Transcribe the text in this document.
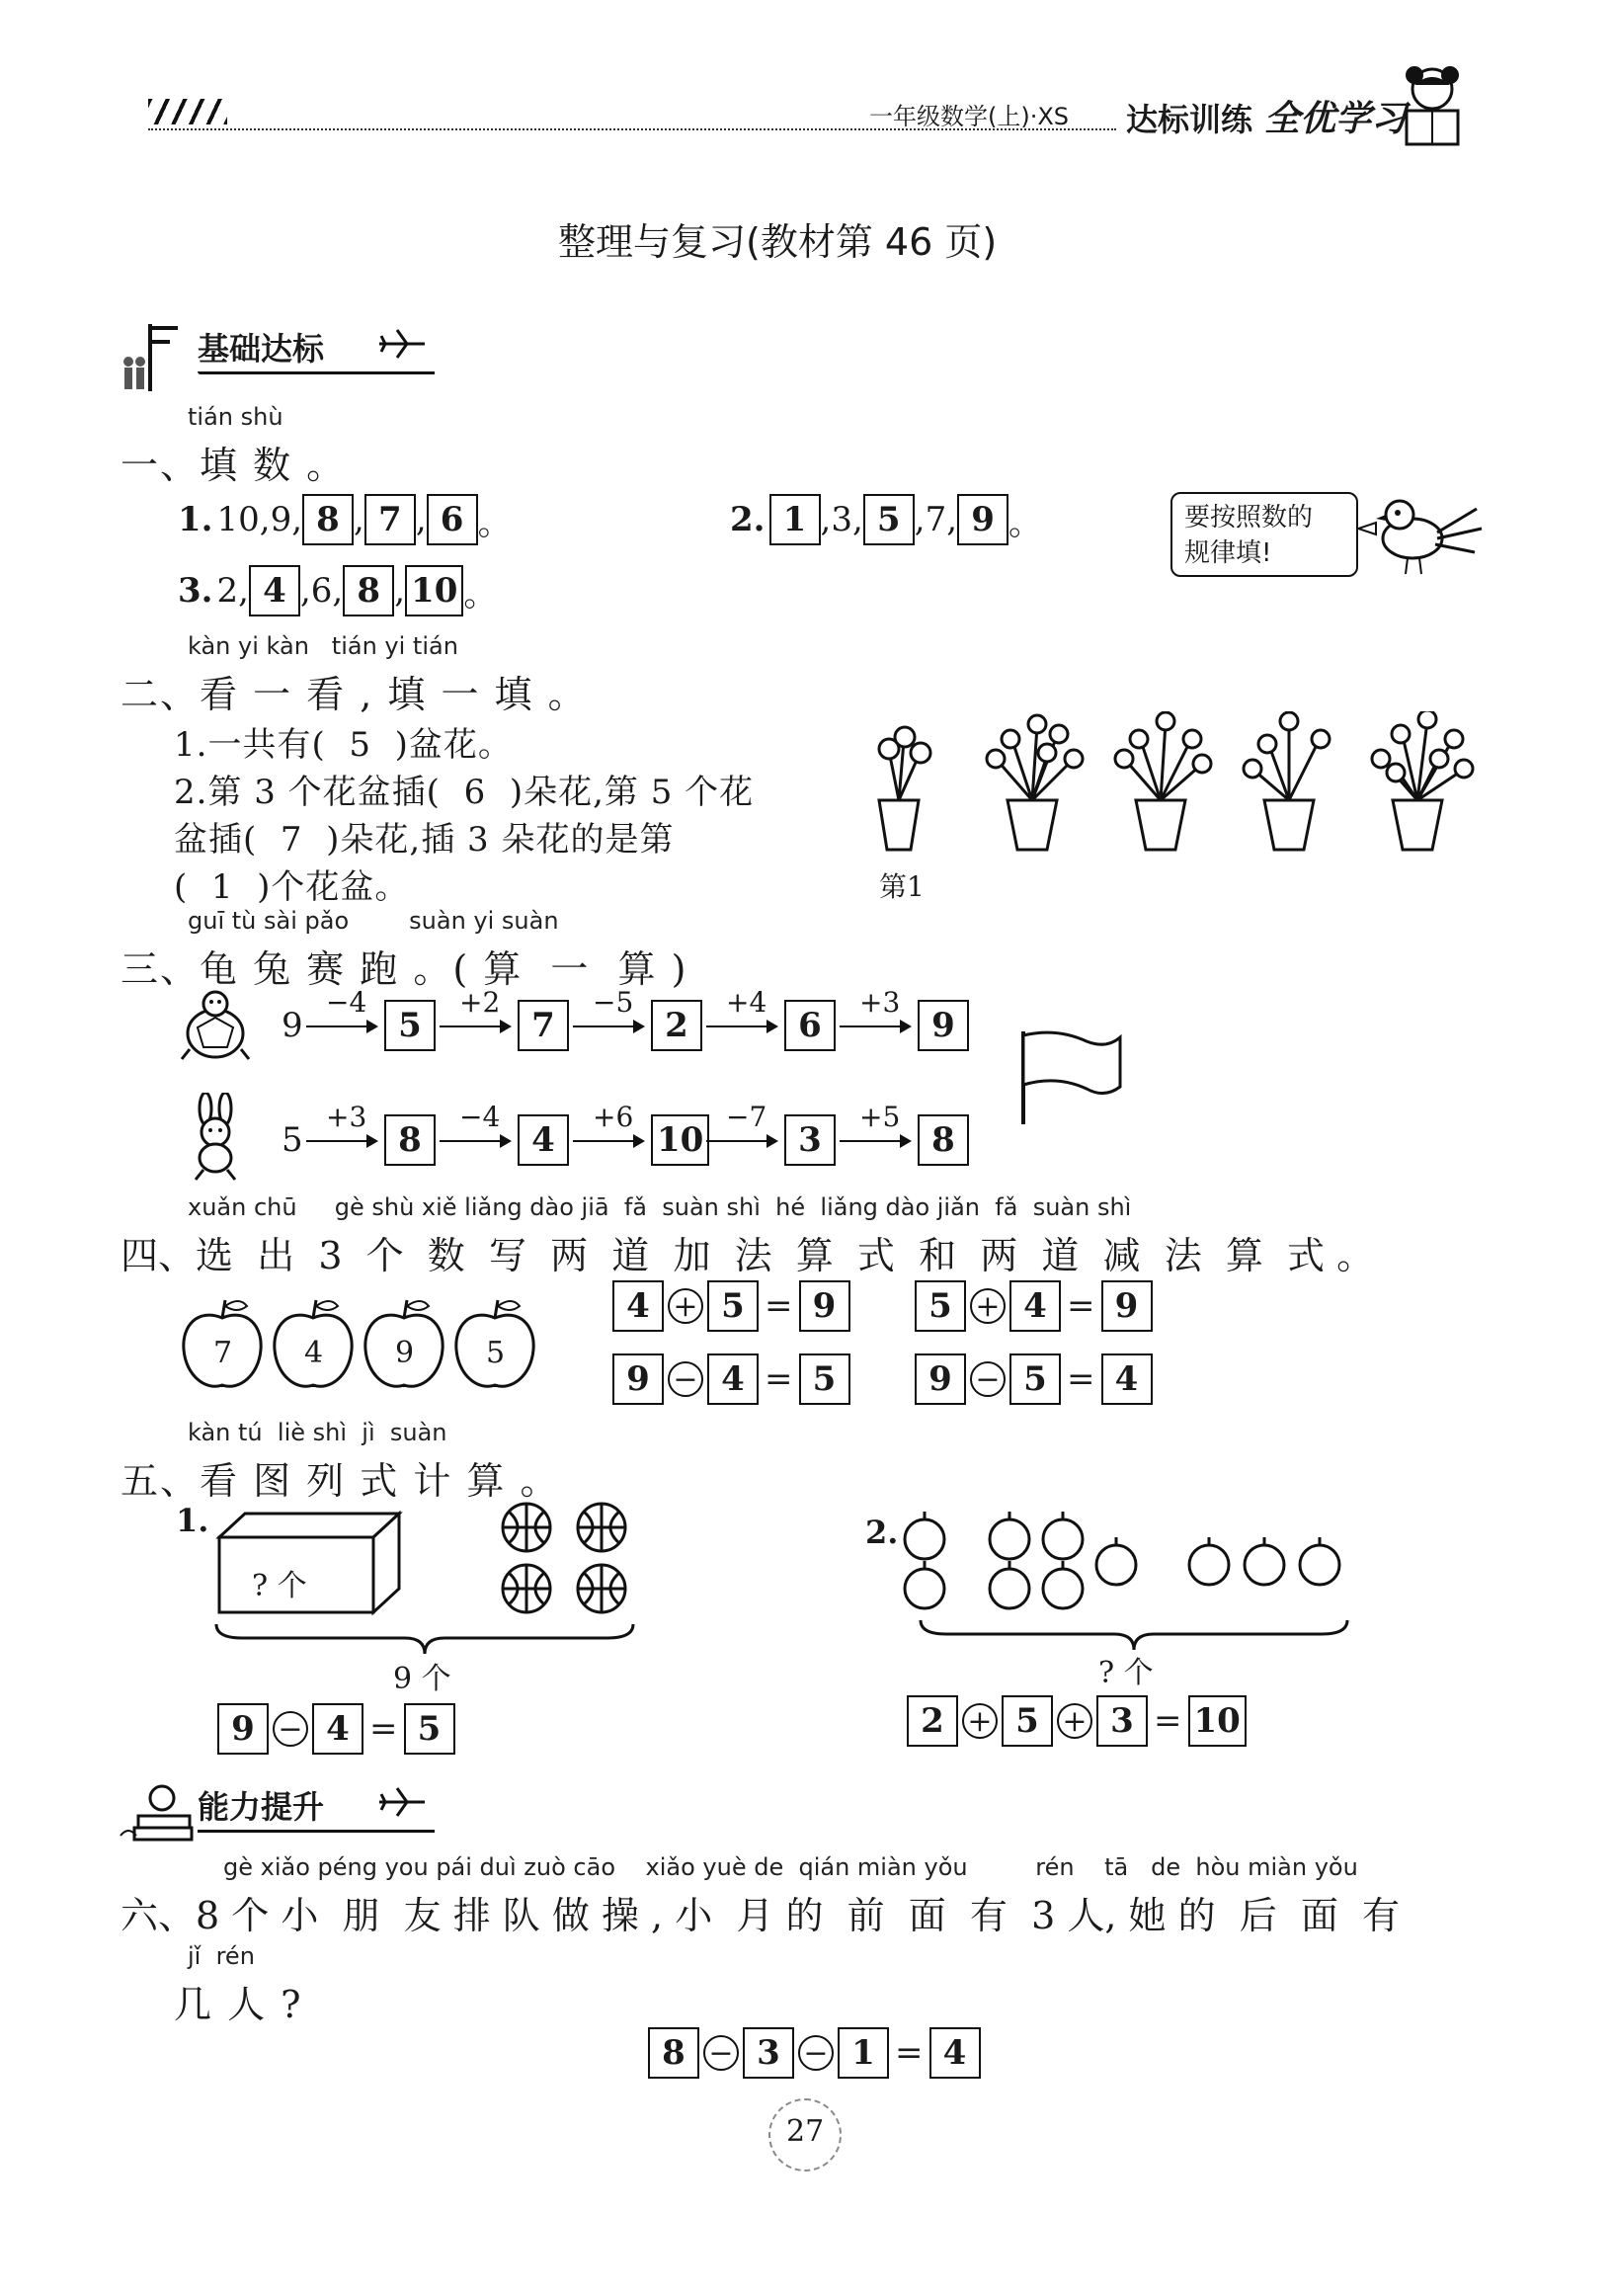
一年级数学(上)·XS 达标训练 全优学习
整理与复习(教材第 46 页)
基础达标
tián shù
一、填 数 。
1. 10,9, 8 , 7 , 6 。	2. 1 , 3 , 5 , 7 , 9 。
3. 2 , 4 , 6 , 8 , 10 。
要按照数的
规律填!
kàn yi kàn   tián yi tián
二、看 一 看 , 填 一 填 。
1.一共有(  5  )盆花。
2.第 3 个花盆插(  6  )朵花,第 5 个花
盆插(  7  )朵花,插 3 朵花的是第
(  1  )个花盆。	第1
guī tù sài pǎo        suàn yi suàn
三、龟 兔 赛 跑 。( 算  一  算 )
9
−4
5
+2
7
−5
2
+4
6
+3
9
5
+3
8
−4
4
+6
10
−7
3
+5
8
xuǎn chū     gè shù xiě liǎng dào jiā  fǎ  suàn shì  hé  liǎng dào jiǎn  fǎ  suàn shì
四、选  出  3  个  数  写  两  道  加  法  算  式  和  两  道  减  法  算  式 。
7 4 9 5
4 + 5 = 9	5 + 4 = 9
9 − 4 = 5	9 − 5 = 4
kàn tú  liè shì  jì  suàn
五、看 图 列 式 计 算 。
1.
? 个
9 个
9 − 4 = 5
2.
? 个
2 + 5 + 3 = 10
能力提升
gè xiǎo péng you pái duì zuò cāo    xiǎo yuè de  qián miàn yǒu         rén    tā   de  hòu miàn yǒu
六、8 个 小  朋  友 排 队 做 操 , 小  月 的  前  面  有  3 人, 她 的  后  面  有
jǐ  rén
几 人 ?
8 − 3 − 1 = 4
27
